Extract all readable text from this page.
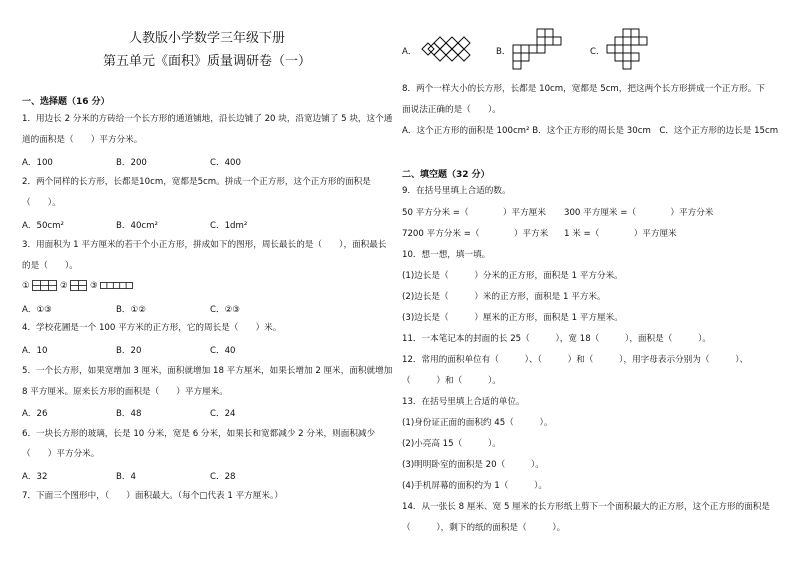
人教版小学数学三年级下册
第五单元《面积》质量调研卷（一）
一、选择题（16 分）
1．用边长 2 分米的方砖给一个长方形的通道铺地，沿长边铺了 20 块，沿宽边铺了 5 块，这个通
道的面积是（　　）平方分米。
A．100	B．200	C．400
2．两个同样的长方形，长都是10cm，宽都是5cm。拼成一个正方形，这个正方形的面积是
（　　）。
A．50cm²	B．40cm²	C．1dm²
3．用面积为 1 平方厘米的若干个小正方形，拼成如下的图形，周长最长的是（　　），面积最长
的是（　　）。
①	②	③
A．①③	B．①②	C．②③
4．学校花圃是一个 100 平方米的正方形，它的周长是（　　）米。
A．10	B．20	C．40
5．一个长方形，如果宽增加 3 厘米，面积就增加 18 平方厘米，如果长增加 2 厘米，面积就增加
8 平方厘米。原来长方形的面积是（　　）平方厘米。
A．26	B．48	C．24
6．一块长方形的玻璃，长是 10 分米，宽是 6 分米，如果长和宽都减少 2 分米，则面积减少
（　　）平方分米。
A．32	B．4	C．28
7．下面三个图形中，（　　）面积最大。（每个□代表 1 平方厘米。）
A．	B．	C．
8．两个一样大小的长方形，长都是 10cm，宽都是 5cm，把这两个长方形拼成一个正方形。下
面说法正确的是（　　）。
A．这个正方形的面积是 100cm² B．这个正方形的周长是 30cm　C．这个正方形的边长是 15cm
二、填空题（32 分）
9．在括号里填上合适的数。
50 平方分米 =（　　　　）平方厘米 300 平方厘米 =（　　　　）平方分米
7200 平方分米 =（　　　　）平方米 1 米 =（　　　　）平方厘米
10．想一想，填一填。
(1)边长是（　　　）分米的正方形，面积是 1 平方分米。
(2)边长是（　　　）米的正方形，面积是 1 平方米。
(3)边长是（　　　）厘米的正方形，面积是 1 平方厘米。
11．一本笔记本的封面的长 25（　　　），宽 18（　　　），面积是（　　　）。
12．常用的面积单位有（　　　）、（　　　）和（　　　），用字母表示分别为（　　　）、
（　　　）和（　　　）。
13．在括号里填上合适的单位。
(1)身份证正面的面积约 45（　　　）。
(2)小亮高 15（　　　）。
(3)明明卧室的面积是 20（　　　）。
(4)手机屏幕的面积约为 1（　　　）。
14．从一张长 8 厘米、宽 5 厘米的长方形纸上剪下一个面积最大的正方形，这个正方形的面积是
（　　　），剩下的纸的面积是（　　　）。
